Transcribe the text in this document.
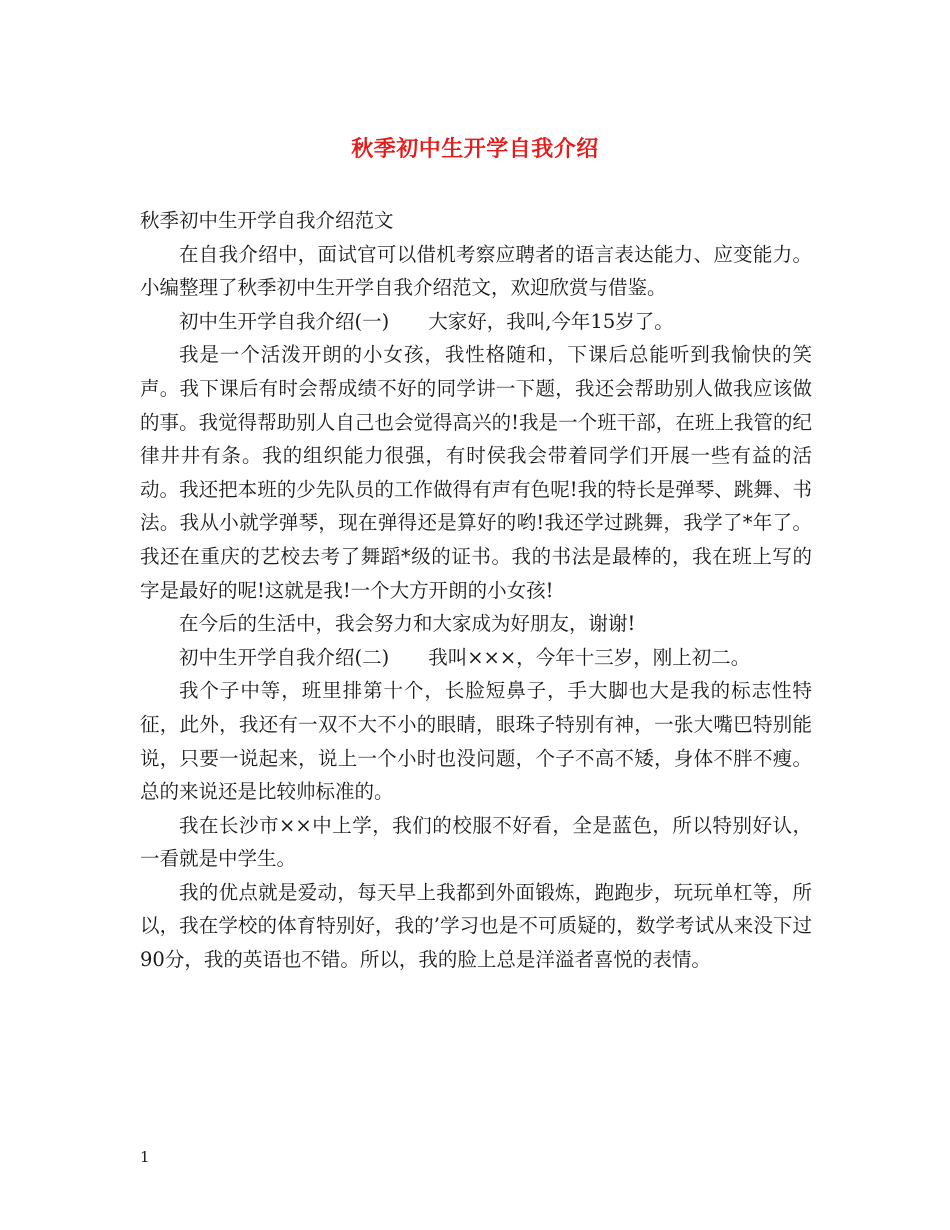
秋季初中生开学自我介绍

秋季初中生开学自我介绍范文

在自我介绍中，面试官可以借机考察应聘者的语言表达能力、应变能力。小编整理了秋季初中生开学自我介绍范文，欢迎欣赏与借鉴。

初中生开学自我介绍(一)　　大家好，我叫,今年15岁了。

我是一个活泼开朗的小女孩，我性格随和，下课后总能听到我愉快的笑声。我下课后有时会帮成绩不好的同学讲一下题，我还会帮助别人做我应该做的事。我觉得帮助别人自己也会觉得高兴的!我是一个班干部，在班上我管的纪律井井有条。我的组织能力很强，有时侯我会带着同学们开展一些有益的活动。我还把本班的少先队员的工作做得有声有色呢!我的特长是弹琴、跳舞、书法。我从小就学弹琴，现在弹得还是算好的哟!我还学过跳舞，我学了*年了。我还在重庆的艺校去考了舞蹈*级的证书。我的书法是最棒的，我在班上写的字是最好的呢!这就是我!一个大方开朗的小女孩!

在今后的生活中，我会努力和大家成为好朋友，谢谢!

初中生开学自我介绍(二)　　我叫×××，今年十三岁，刚上初二。

我个子中等，班里排第十个，长脸短鼻子，手大脚也大是我的标志性特征，此外，我还有一双不大不小的眼睛，眼珠子特别有神，一张大嘴巴特别能说，只要一说起来，说上一个小时也没问题，个子不高不矮，身体不胖不瘦。总的来说还是比较帅标准的。

我在长沙市××中上学，我们的校服不好看，全是蓝色，所以特别好认，一看就是中学生。

我的优点就是爱动，每天早上我都到外面锻炼，跑跑步，玩玩单杠等，所以，我在学校的体育特别好，我的’学习也是不可质疑的，数学考试从来没下过90分，我的英语也不错。所以，我的脸上总是洋溢者喜悦的表情。

1
